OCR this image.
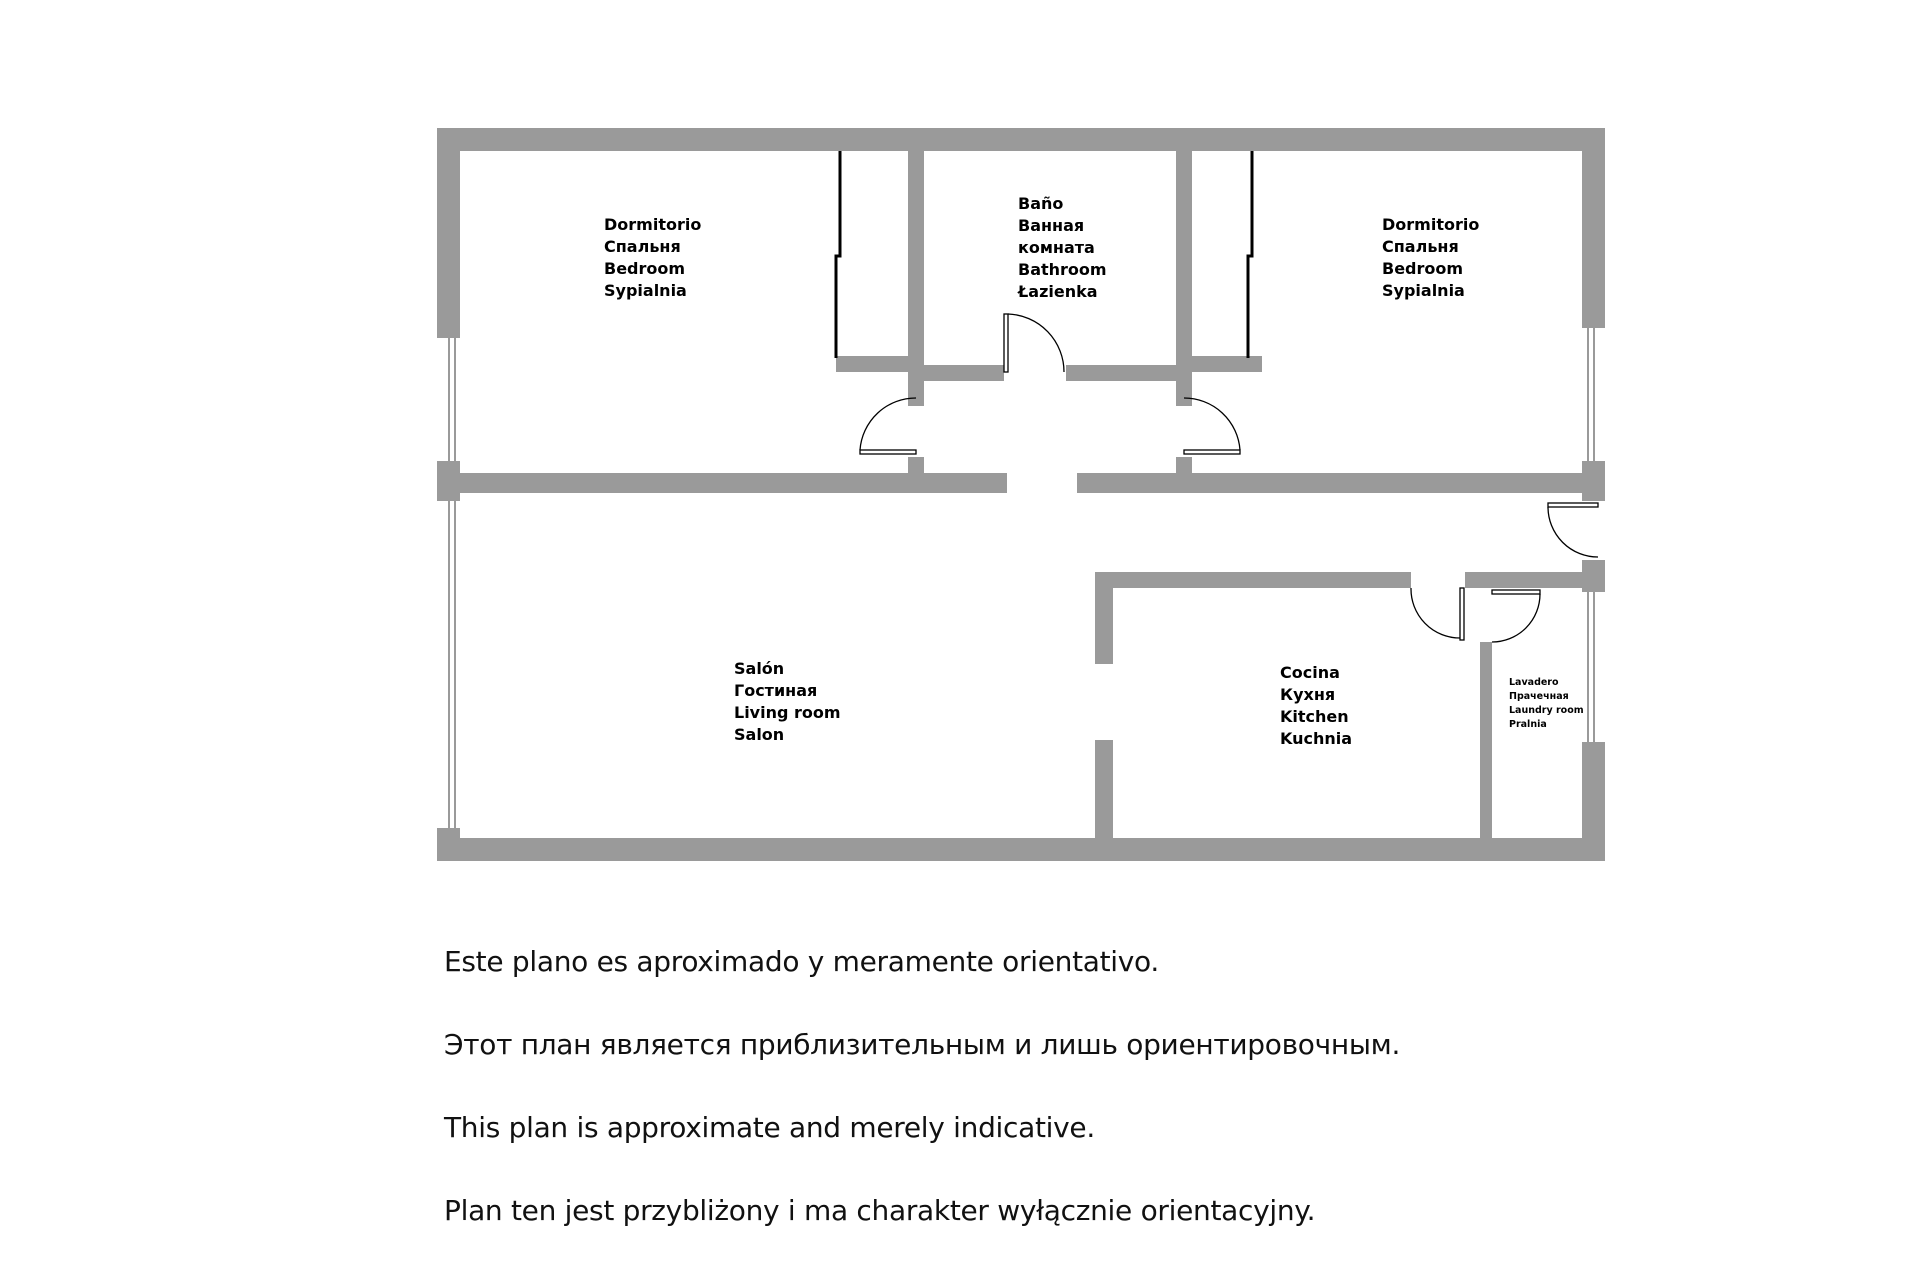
Dormitorio Спальня Bedroom Sypialnia
Baño Ванная комната Bathroom Łazienka
Dormitorio Спальня Bedroom Sypialnia
Salón Гостиная Living room Salon
Cocina Кухня Kitchen Kuchnia
Lavadero Прачечная Laundry room Pralnia
Este plano es aproximado y meramente orientativo.
Этот план является приблизительным и лишь ориентировочным.
This plan is approximate and merely indicative.
Plan ten jest przybliżony i ma charakter wyłącznie orientacyjny.
